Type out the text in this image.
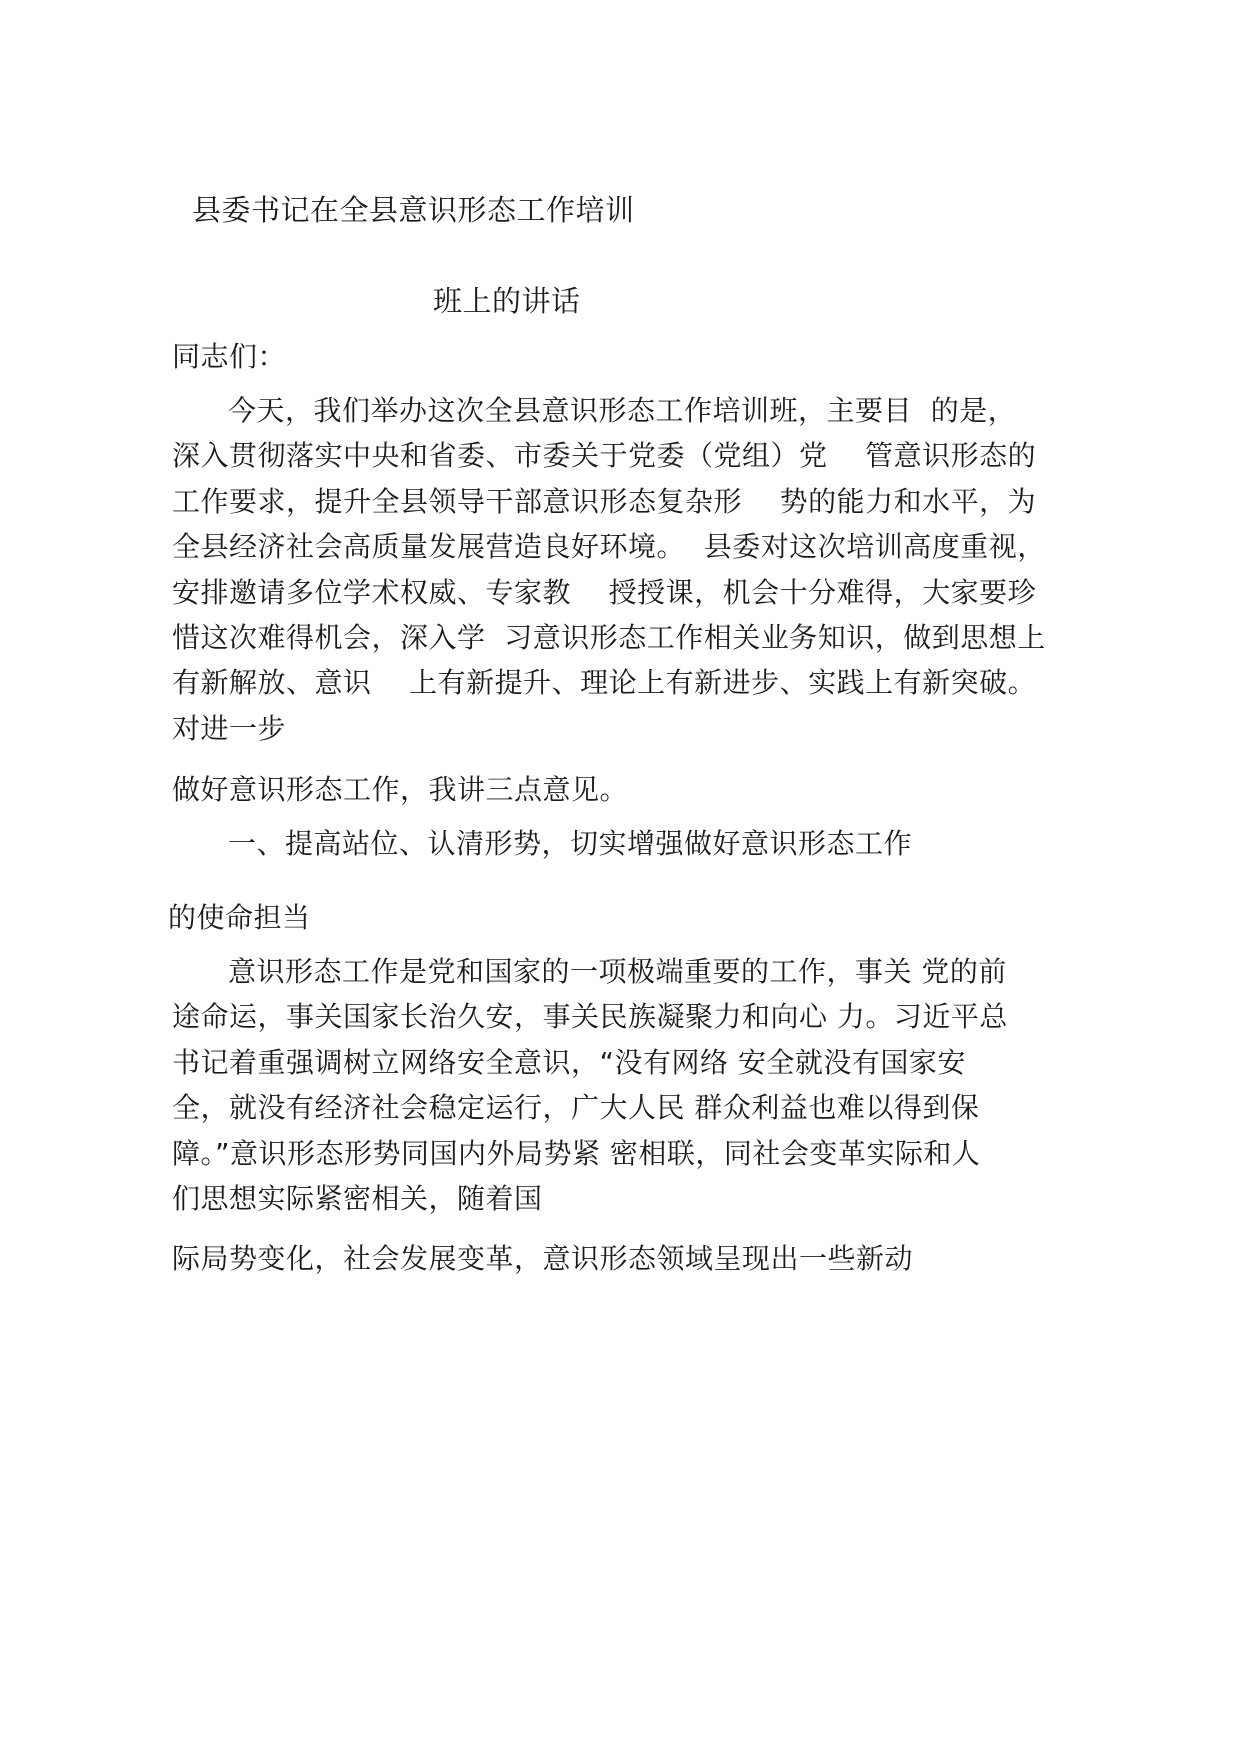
县委书记在全县意识形态工作培训
班上的讲话
同志们：
今天，我们举办这次全县意识形态工作培训班，主要目  的是，
深入贯彻落实中央和省委、市委关于党委（党组）党    管意识形态的
工作要求，提升全县领导干部意识形态复杂形    势的能力和水平，为
全县经济社会高质量发展营造良好环境。  县委对这次培训高度重视，
安排邀请多位学术权威、专家教    授授课，机会十分难得，大家要珍
惜这次难得机会，深入学  习意识形态工作相关业务知识，做到思想上
有新解放、意识    上有新提升、理论上有新进步、实践上有新突破。
对进一步
做好意识形态工作，我讲三点意见。
一、提高站位、认清形势，切实增强做好意识形态工作
的使命担当
意识形态工作是党和国家的一项极端重要的工作，事关 党的前
途命运，事关国家长治久安，事关民族凝聚力和向心 力。习近平总
书记着重强调树立网络安全意识，“没有网络 安全就没有国家安
全，就没有经济社会稳定运行，广大人民 群众利益也难以得到保
障。”意识形态形势同国内外局势紧 密相联，同社会变革实际和人
们思想实际紧密相关，随着国
际局势变化，社会发展变革，意识形态领域呈现出一些新动
